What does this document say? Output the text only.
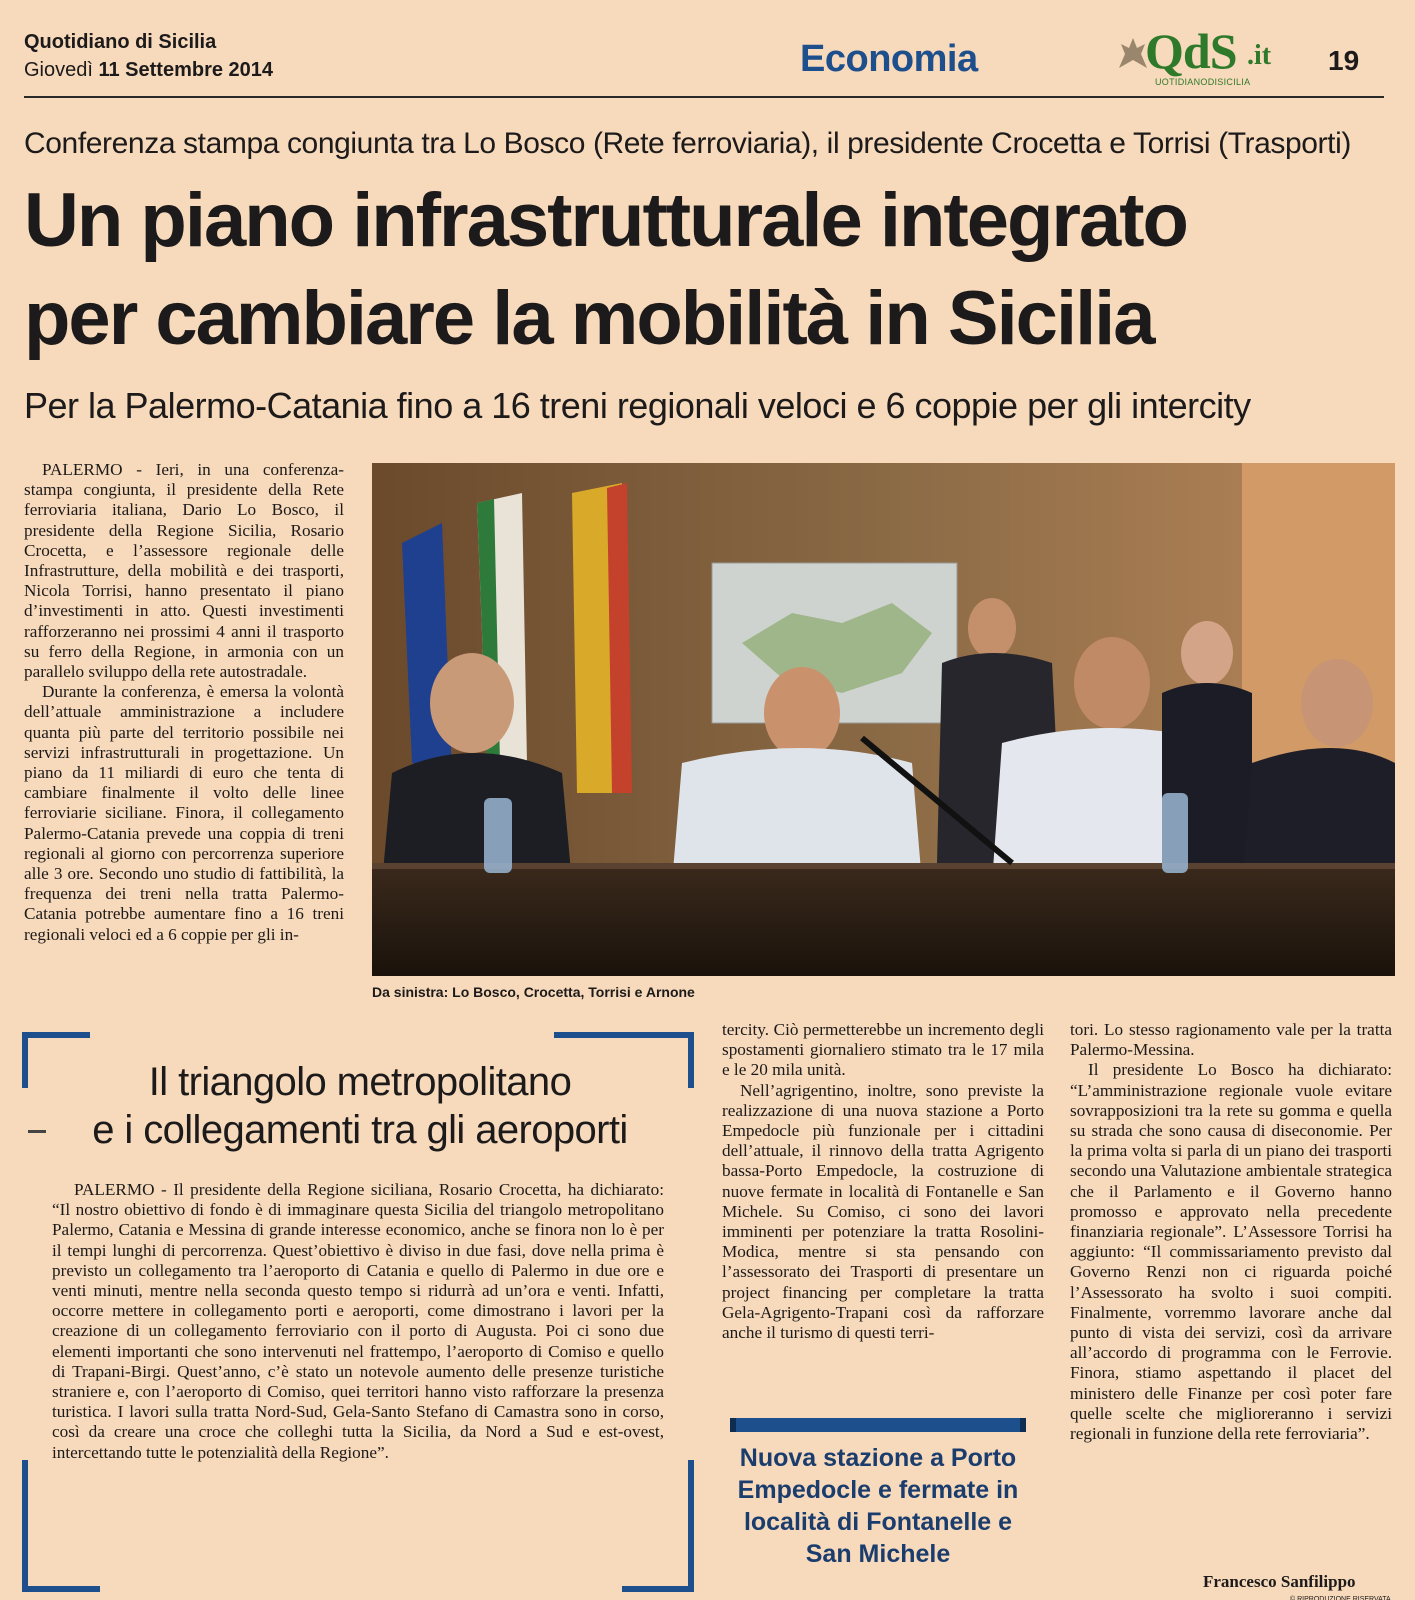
Quotidiano di Sicilia
Giovedì 11 Settembre 2014	Economia	QdS .it
UOTIDIANODISICILIA
19
Conferenza stampa congiunta tra Lo Bosco (Rete ferroviaria), il presidente Crocetta e Torrisi (Trasporti)
Un piano infrastrutturale integrato
per cambiare la mobilità in Sicilia
Per la Palermo-Catania fino a 16 treni regionali veloci e 6 coppie per gli intercity

PALERMO - Ieri, in una conferenza-stampa congiunta, il presidente della Rete ferroviaria italiana, Dario Lo Bosco, il presidente della Regione Sicilia, Rosario Crocetta, e l’assessore regionale delle Infrastrutture, della mobilità e dei trasporti, Nicola Torrisi, hanno presentato il piano d’investimenti in atto. Questi investimenti rafforzeranno nei prossimi 4 anni il trasporto su ferro della Regione, in armonia con un parallelo sviluppo della rete autostradale.

Durante la conferenza, è emersa la volontà dell’attuale amministrazione a includere quanta più parte del territorio possibile nei servizi infrastrutturali in progettazione. Un piano da 11 miliardi di euro che tenta di cambiare finalmente il volto delle linee ferroviarie siciliane. Finora, il collegamento Palermo-Catania prevede una coppia di treni regionali al giorno con percorrenza superiore alle 3 ore. Secondo uno studio di fattibilità, la frequenza dei treni nella tratta Palermo-Catania potrebbe aumentare fino a 16 treni regionali veloci ed a 6 coppie per gli in-

Da sinistra: Lo Bosco, Crocetta, Torrisi e Arnone
Il triangolo metropolitano
e i collegamenti tra gli aeroporti

PALERMO - Il presidente della Regione siciliana, Rosario Crocetta, ha dichiarato: “Il nostro obiettivo di fondo è di immaginare questa Sicilia del triangolo metropolitano Palermo, Catania e Messina di grande interesse economico, anche se finora non lo è per il tempi lunghi di percorrenza. Quest’obiettivo è diviso in due fasi, dove nella prima è previsto un collegamento tra l’aeroporto di Catania e quello di Palermo in due ore e venti minuti, mentre nella seconda questo tempo si ridurrà ad un’ora e venti. Infatti, occorre mettere in collegamento porti e aeroporti, come dimostrano i lavori per la creazione di un collegamento ferroviario con il porto di Augusta. Poi ci sono due elementi importanti che sono intervenuti nel frattempo, l’aeroporto di Comiso e quello di Trapani-Birgi. Quest’anno, c’è stato un notevole aumento delle presenze turistiche straniere e, con l’aeroporto di Comiso, quei territori hanno visto rafforzare la presenza turistica. I lavori sulla tratta Nord-Sud, Gela-Santo Stefano di Camastra sono in corso, così da creare una croce che colleghi tutta la Sicilia, da Nord a Sud e est-ovest, intercettando tutte le potenzialità della Regione”.

tercity. Ciò permetterebbe un incremento degli spostamenti giornaliero stimato tra le 17 mila e le 20 mila unità.

Nell’agrigentino, inoltre, sono previste la realizzazione di una nuova stazione a Porto Empedocle più funzionale per i cittadini dell’attuale, il rinnovo della tratta Agrigento bassa-Porto Empedocle, la costruzione di nuove fermate in località di Fontanelle e San Michele. Su Comiso, ci sono dei lavori imminenti per potenziare la tratta Rosolini-Modica, mentre si sta pensando con l’assessorato dei Trasporti di presentare un project financing per completare la tratta Gela-Agrigento-Trapani così da rafforzare anche il turismo di questi terri-

Nuova stazione a Porto Empedocle e fermate in località di Fontanelle e San Michele

tori. Lo stesso ragionamento vale per la tratta Palermo-Messina.

Il presidente Lo Bosco ha dichiarato: “L’amministrazione regionale vuole evitare sovrapposizioni tra la rete su gomma e quella su strada che sono causa di diseconomie. Per la prima volta si parla di un piano dei trasporti secondo una Valutazione ambientale strategica che il Parlamento e il Governo hanno promosso e approvato nella precedente finanziaria regionale”. L’Assessore Torrisi ha aggiunto: “Il commissariamento previsto dal Governo Renzi non ci riguarda poiché l’Assessorato ha svolto i suoi compiti. Finalmente, vorremmo lavorare anche dal punto di vista dei servizi, così da arrivare all’accordo di programma con le Ferrovie. Finora, stiamo aspettando il placet del ministero delle Finanze per così poter fare quelle scelte che miglioreranno i servizi regionali in funzione della rete ferroviaria”.

Francesco Sanfilippo
© RIPRODUZIONE RISERVATA
